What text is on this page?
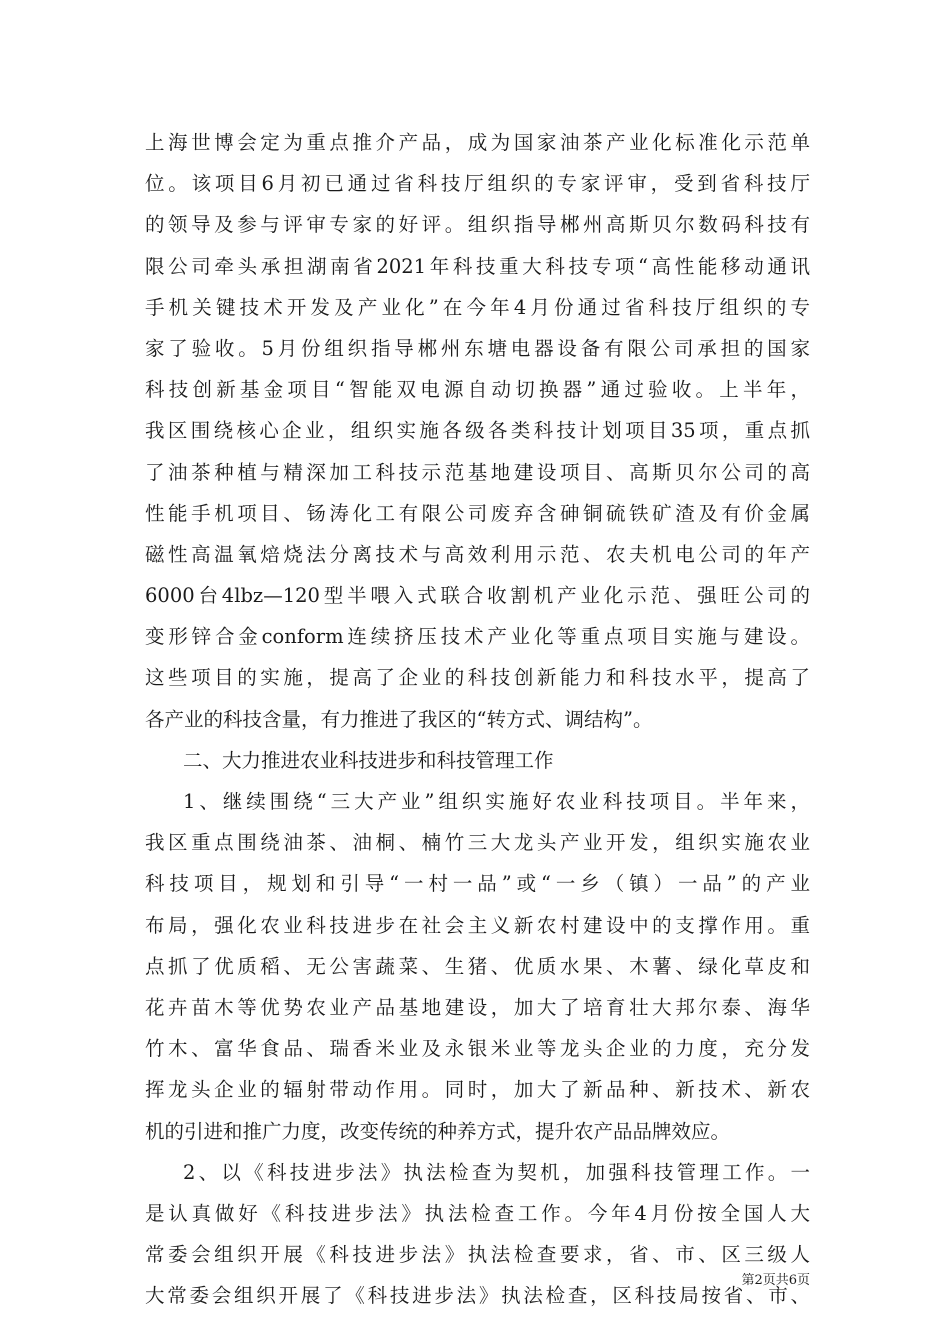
上海世博会定为重点推介产品，成为国家油茶产业化标准化示范单
位。该项目6月初已通过省科技厅组织的专家评审，受到省科技厅
的领导及参与评审专家的好评。组织指导郴州高斯贝尔数码科技有
限公司牵头承担湖南省2021年科技重大科技专项“高性能移动通讯
手机关键技术开发及产业化”在今年4月份通过省科技厅组织的专
家了验收。5月份组织指导郴州东塘电器设备有限公司承担的国家
科技创新基金项目“智能双电源自动切换器”通过验收。上半年，
我区围绕核心企业，组织实施各级各类科技计划项目35项，重点抓
了油茶种植与精深加工科技示范基地建设项目、高斯贝尔公司的高
性能手机项目、钖涛化工有限公司废弃含砷铜硫铁矿渣及有价金属
磁性高温氧焙烧法分离技术与高效利用示范、农夫机电公司的年产
6000台4lbz—120型半喂入式联合收割机产业化示范、强旺公司的
变形锌合金conform连续挤压技术产业化等重点项目实施与建设。
这些项目的实施，提高了企业的科技创新能力和科技水平，提高了
各产业的科技含量，有力推进了我区的“转方式、调结构”。
二、大力推进农业科技进步和科技管理工作
1、继续围绕“三大产业”组织实施好农业科技项目。半年来，
我区重点围绕油茶、油桐、楠竹三大龙头产业开发，组织实施农业
科技项目，规划和引导“一村一品”或“一乡（镇）一品”的产业
布局，强化农业科技进步在社会主义新农村建设中的支撑作用。重
点抓了优质稻、无公害蔬菜、生猪、优质水果、木薯、绿化草皮和
花卉苗木等优势农业产品基地建设，加大了培育壮大邦尔泰、海华
竹木、富华食品、瑞香米业及永银米业等龙头企业的力度，充分发
挥龙头企业的辐射带动作用。同时，加大了新品种、新技术、新农
机的引进和推广力度，改变传统的种养方式，提升农产品品牌效应。
2、以《科技进步法》执法检查为契机，加强科技管理工作。一
是认真做好《科技进步法》执法检查工作。今年4月份按全国人大
常委会组织开展《科技进步法》执法检查要求，省、市、区三级人
大常委会组织开展了《科技进步法》执法检查，区科技局按省、市、
第2页共6页
